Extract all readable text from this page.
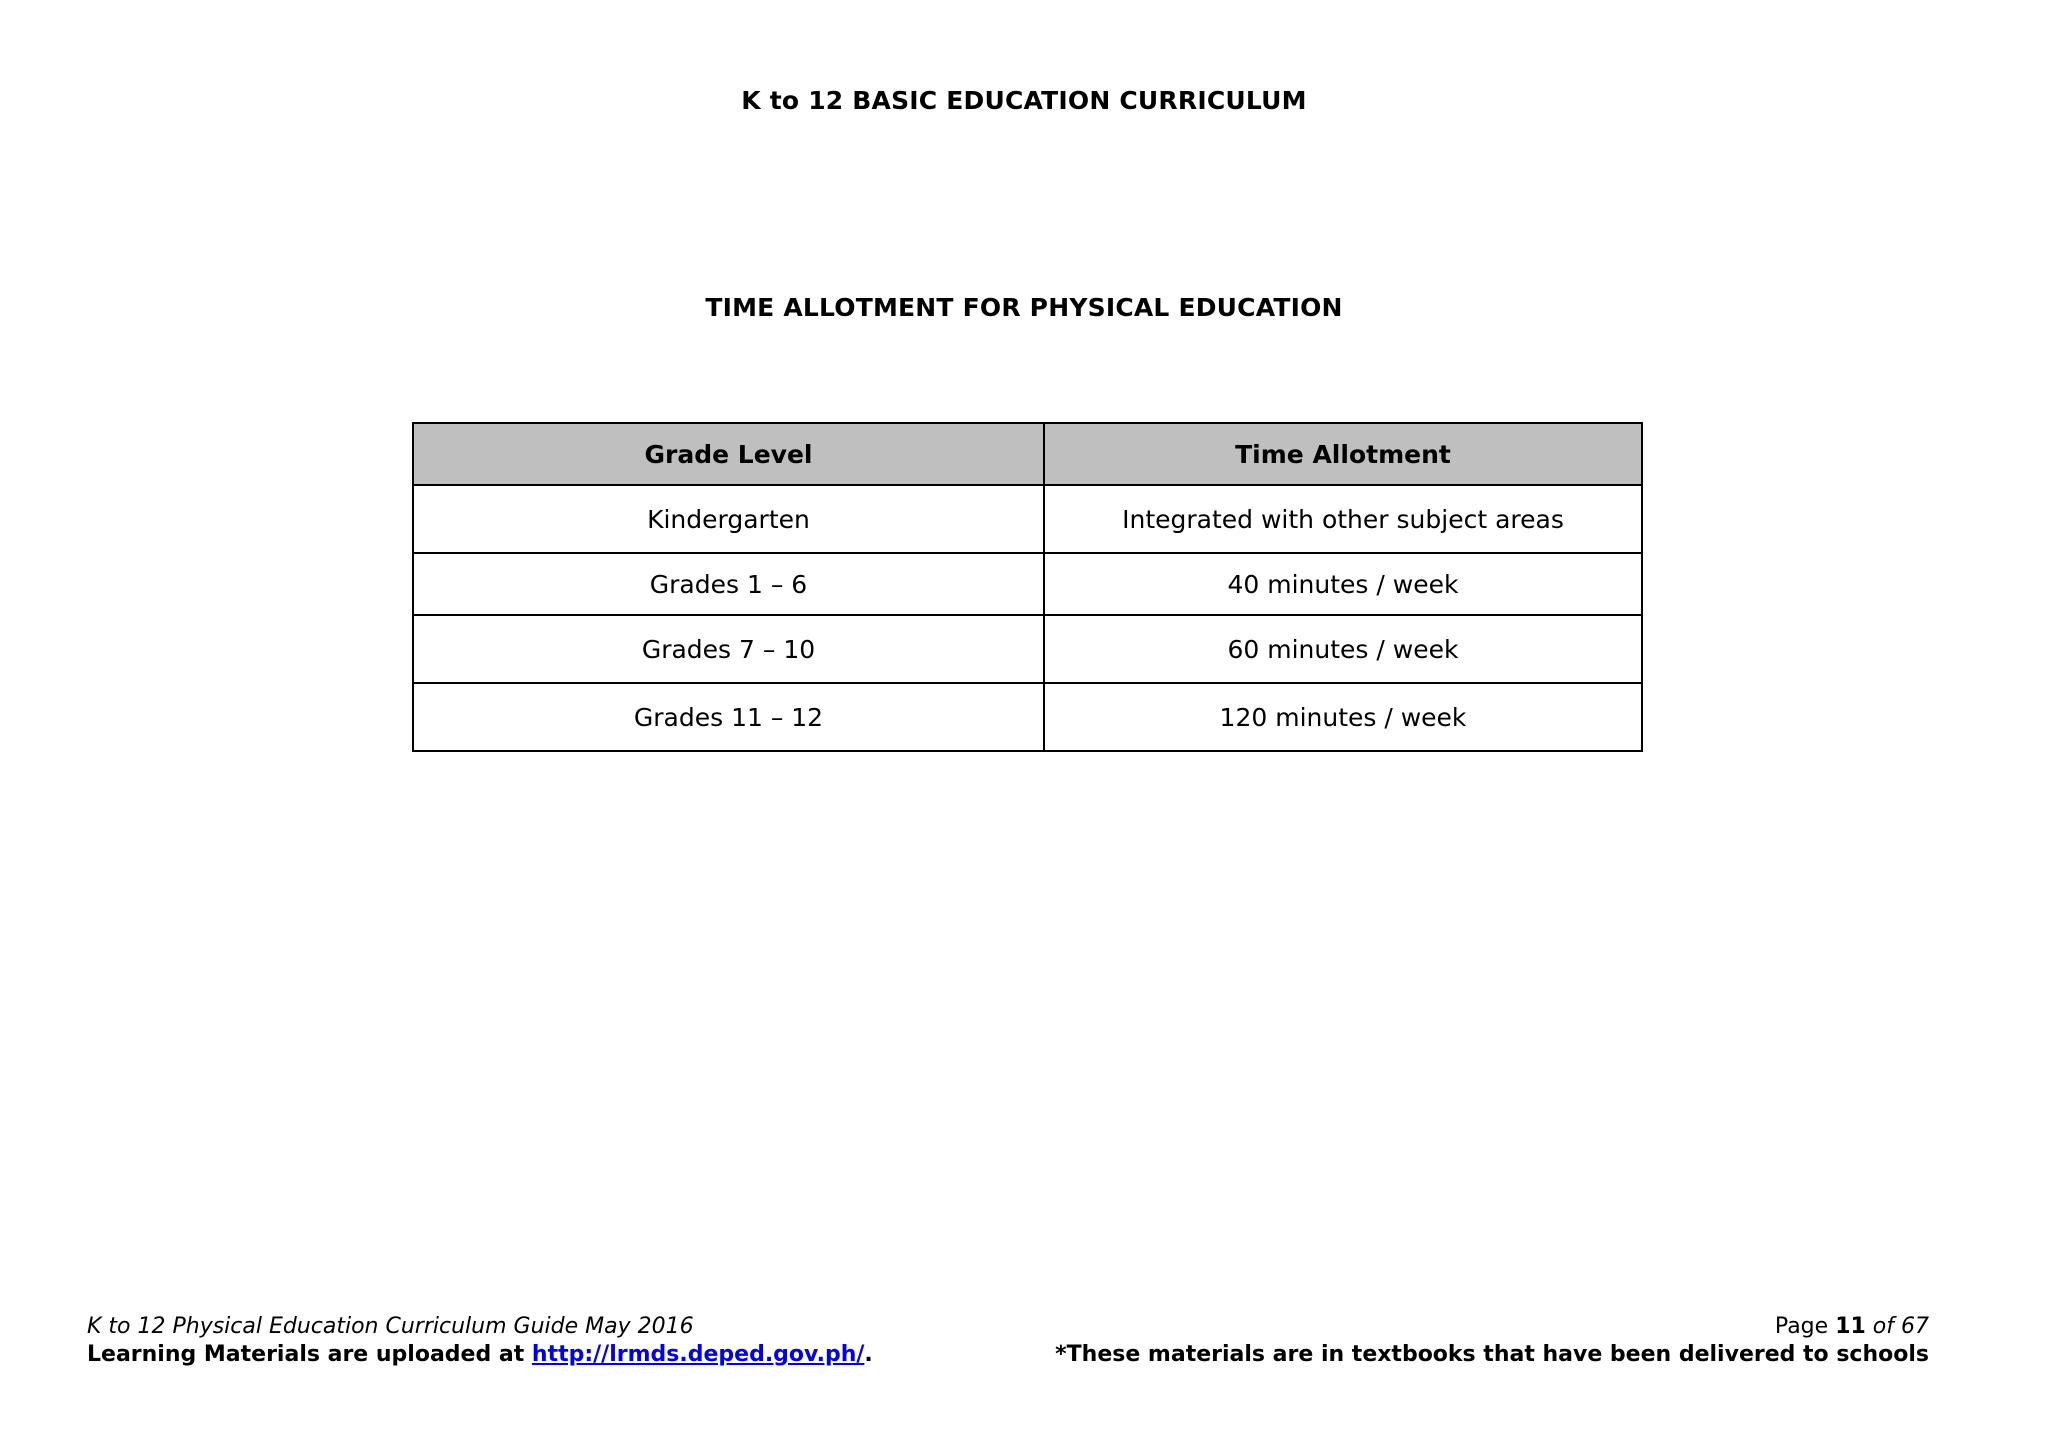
K to 12 BASIC EDUCATION CURRICULUM
TIME ALLOTMENT FOR PHYSICAL EDUCATION
Grade Level	Time Allotment
Kindergarten	Integrated with other subject areas
Grades 1 – 6	40 minutes / week
Grades 7 – 10	60 minutes / week
Grades 11 – 12	120 minutes / week
K to 12 Physical Education Curriculum Guide May 2016
Learning Materials are uploaded at http://lrmds.deped.gov.ph/.
Page 11 of 67
*These materials are in textbooks that have been delivered to schools
